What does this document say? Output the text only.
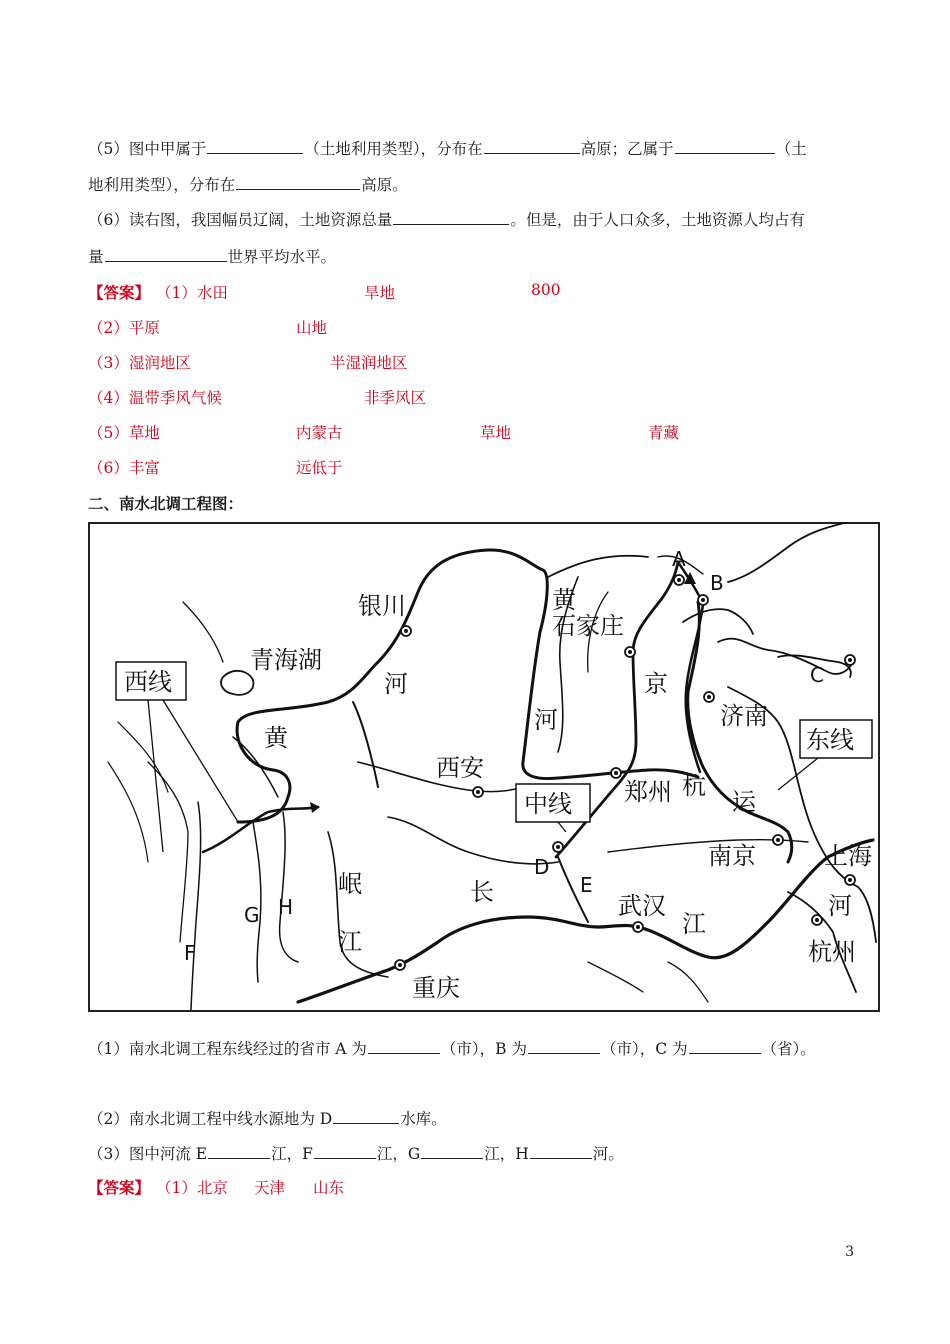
（5）图中甲属于	（土地利用类型），分布在	高原；乙属于	（土
地利用类型），分布在	高原。
（6）读右图，我国幅员辽阔，土地资源总量	。但是，由于人口众多，土地资源人均占有
量	世界平均水平。
【答案】 （1）水田	旱地	800
（2）平原	山地
（3）湿润地区	半湿润地区
（4）温带季风气候	非季风区
（5）草地	内蒙古	草地	青藏
（6）丰富	远低于
二、南水北调工程图：
西线
中线
东线
A
B
C
D
E
F
G H
青海湖
银川
河
黄
黄
石家庄
河
京
济南
西安
郑州 杭
运
南京	上海
河
杭州
武汉
江
长
岷
江
重庆
（1）南水北调工程东线经过的省市 A 为	（市），B 为	（市），C 为	（省）。
（2）南水北调工程中线水源地为 D	水库。
（3）图中河流 E	江，F	江，G	江，H	河。
【答案】 （1）北京 天津 山东
3
